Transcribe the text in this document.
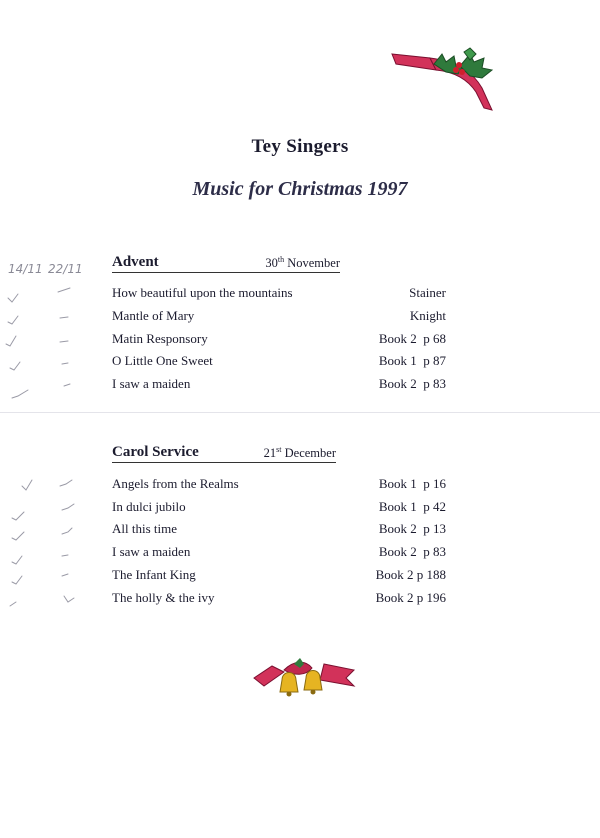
Tey Singers
Music for Christmas 1997
14/11 22/11 Advent	30th November
How beautiful upon the mountains	Stainer
Mantle of Mary	Knight
Matin Responsory	Book 2  p 68
O Little One Sweet	Book 1  p 87
I saw a maiden	Book 2  p 83
Carol Service	21st December
Angels from the Realms	Book 1  p 16
In dulci jubilo	Book 1  p 42
All this time	Book 2  p 13
I saw a maiden	Book 2  p 83
The Infant King	Book 2 p 188
The holly & the ivy	Book 2 p 196
